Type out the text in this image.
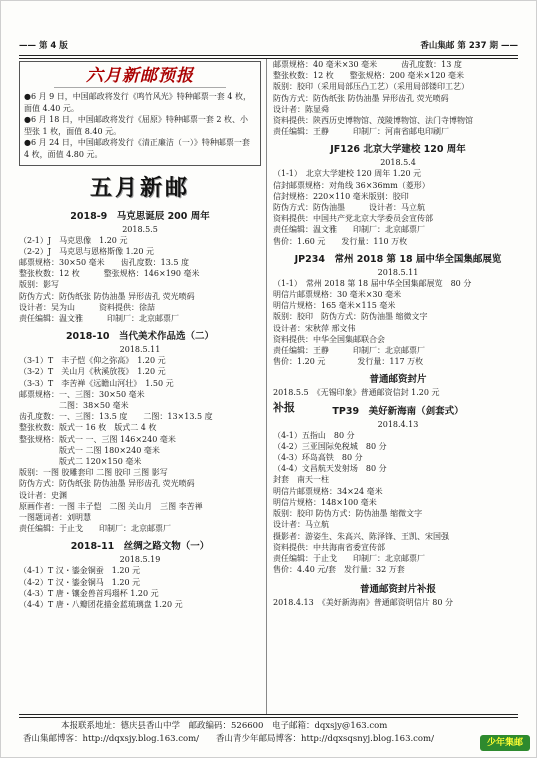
—— 第 4 版	香山集邮 第 237 期 ——
六月新邮预报

●6 月 9 日，中国邮政将发行《鸣竹风光》特种邮票一套 4 枚，面值 4.40 元。

●6 月 18 日，中国邮政将发行《屈原》特种邮票一套 2 枚、小型张 1 枚，面值 8.40 元。

●6 月 24 日，中国邮政将发行《清正廉洁（一）》特种邮票一套 4 枚，面值 4.80 元。

五月新邮
2018-9　马克思诞辰 200 周年
2018.5.5
（2-1）J　马克思像　1.20 元
（2-2）J　马克思与恩格斯像 1.20 元
邮票规格：30×50 毫米　　齿孔度数：13.5 度
整张枚数：12 枚　　　整张规格：146×190 毫米
版别：影写
防伪方式：防伪纸张 防伪油墨 异形齿孔 荧光喷码
设计者：吴为山　　　资料提供：徐喆
责任编辑：温文雅　　　印制厂：北京邮票厂
2018-10　当代美术作品选（二）
2018.5.11
（3-1）T　丰子恺《仰之弥高》　1.20 元
（3-2）T　关山月《秋溪放筏》　1.20 元
（3-3）T　李苦禅《远瞻山河壮》　1.50 元
邮票规格：一、三图：30×50 毫米
　　　　　二图：38×50 毫米
齿孔度数：一、三图：13.5 度　　二图：13×13.5 度
整张枚数：版式一 16 枚　版式二 4 枚
整张规格：版式一 一、三图 146×240 毫米
　　　　　版式一 二图 180×240 毫米
　　　　　版式二 120×150 毫米
版别：一图 胶雕套印 二图 胶印 三图 影写
防伪方式：防伪纸张 防伪油墨 异形齿孔 荧光喷码
设计者：史渊
原画作者：一图 丰子恺　二图 关山月　三图 李苦禅
一图题词者：刘明慧
责任编辑：于止戈　　印制厂：北京邮票厂
2018-11　丝绸之路文物（一）
2018.5.19
（4-1）T 汉・鎏金铜蚕　1.20 元
（4-2）T 汉・鎏金铜马　1.20 元
（4-3）T 唐・镶金兽首玛瑙杯 1.20 元
（4-4）T 唐・八瓣团花描金蓝琉璃盘 1.20 元
邮票规格：40 毫米×30 毫米　　　齿孔度数：13 度
整张枚数：12 枚　　整张规格：200 毫米×120 毫米
版别：胶印（采用局部压凸工艺）（采用局部镂印工艺）
防伪方式：防伪纸张 防伪油墨 异形齿孔 荧光喷码
设计者：陈显舜
资料提供：陕西历史博物馆、茂陵博物馆、法门寺博物馆
责任编辑：王静　　　印制厂：河南省邮电印刷厂
JF126 北京大学建校 120 周年
2018.5.4
（1-1）　北京大学建校 120 周年 1.20 元
信封邮票规格：对角线 36×36mm（菱形）
信封规格：220×110 毫米版别：胶印
防伪方式：防伪油墨　　　设计者：马立航
资料提供：中国共产党北京大学委员会宣传部
责任编辑：温文雅　　印制厂：北京邮票厂
售价：1.60 元　　发行量：110 万枚
JP234　常州 2018 第 18 届中华全国集邮展览
2018.5.11
（1-1）　常州 2018 第 18 届中华全国集邮展览　80 分
明信片邮票规格：30 毫米×30 毫米
明信片规格：165 毫米×115 毫米
版别：胶印　防伪方式：防伪油墨 缩微文字
设计者：宋秋萍 邢文伟
资料提供：中华全国集邮联合会
责任编辑：王静　　　印制厂：北京邮票厂
售价：1.20 元　　　　发行量：117 万枚
普通邮资封片
2018.5.5　《无锡印象》普通邮资信封 1.20 元
补报	TP39　美好新海南（剑套式）
2018.4.13
（4-1）五指山　80 分
（4-2）三亚国际免税城　80 分
（4-3）环岛高铁　80 分
（4-4）文昌航天发射场　80 分
封套　南天一柱
明信片邮票规格：34×24 毫米
明信片规格：148×100 毫米
版别：胶印 防伪方式：防伪油墨 缩微文字
设计者：马立航
摄影者：游姿生、朱高兴、陈泽锋、王凯、宋国强
资料提供：中共海南省委宣传部
责任编辑：于止戈　　印制厂：北京邮票厂
售价：4.40 元/套　发行量：32 万套
普通邮资封片补报
2018.4.13　《美好新海南》普通邮资明信片 80 分
本报联系地址：德庆县香山中学　邮政编码：526600　电子邮箱：dqxsjy@163.com
香山集邮博客：http://dqxsjy.blog.163.com/　　香山青少年邮局博客：http://dqxsqsnyj.blog.163.com/	少年集邮
